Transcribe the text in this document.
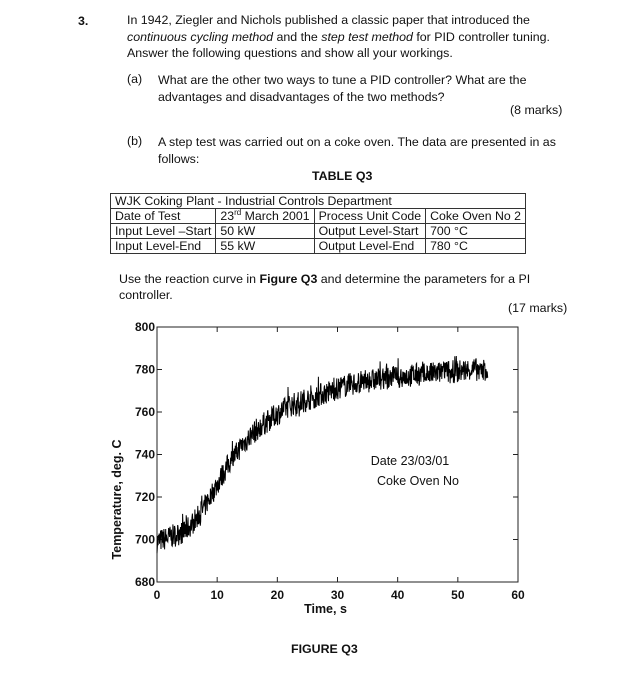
3.	In 1942, Ziegler and Nichols published a classic paper that introduced the
continuous cycling method and the step test method for PID controller tuning.
Answer the following questions and show all your workings.
(a) What are the other two ways to tune a PID controller? What are the advantages and disadvantages of the two methods?
(8 marks)
(b) A step test was carried out on a coke oven. The data are presented in as follows:
TABLE Q3
WJK Coking Plant - Industrial Controls Department			
Date of Test	23rd March 2001	Process Unit Code	Coke Oven No 2
Input Level –Start	50 kW	Output Level-Start	700 °C
Input Level-End	55 kW	Output Level-End	780 °C
Use the reaction curve in Figure Q3 and determine the parameters for a PI controller.
(17 marks)
0	10	20	30	40	50	60
680
700
720
740
760
780
800
Time, s
Temperature, deg. C	Date 23/03/01
Coke Oven No
FIGURE Q3
